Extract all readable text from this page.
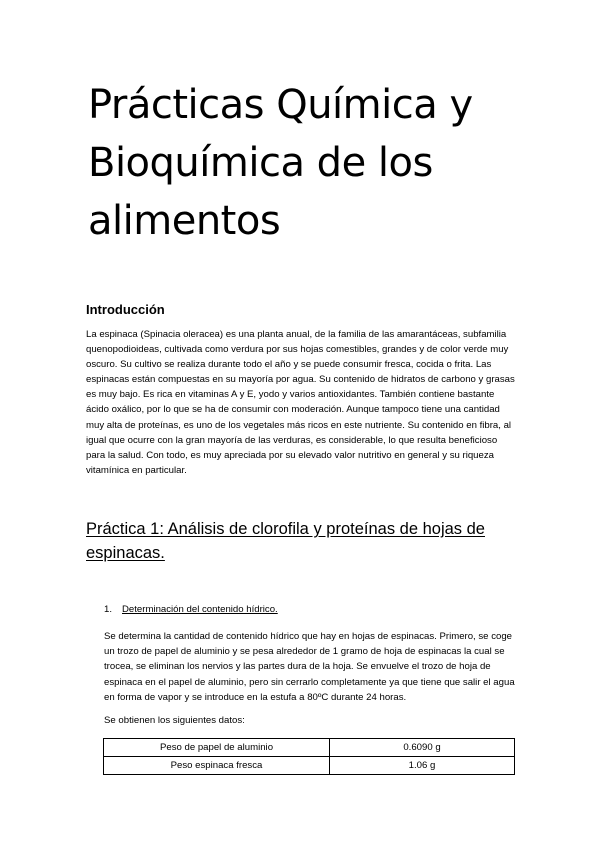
Prácticas Química y Bioquímica de los alimentos
Introducción

La espinaca (Spinacia oleracea) es una planta anual, de la familia de las amarantáceas, subfamilia quenopodioideas, cultivada como verdura por sus hojas comestibles, grandes y de color verde muy oscuro. Su cultivo se realiza durante todo el año y se puede consumir fresca, cocida o frita. Las espinacas están compuestas en su mayoría por agua. Su contenido de hidratos de carbono y grasas es muy bajo. Es rica en vitaminas A y E, yodo y varios antioxidantes. También contiene bastante ácido oxálico, por lo que se ha de consumir con moderación. Aunque tampoco tiene una cantidad muy alta de proteínas, es uno de los vegetales más ricos en este nutriente. Su contenido en fibra, al igual que ocurre con la gran mayoría de las verduras, es considerable, lo que resulta beneficioso para la salud. Con todo, es muy apreciada por su elevado valor nutritivo en general y su riqueza vitamínica en particular.

Práctica 1: Análisis de clorofila y proteínas de hojas de espinacas.
1. Determinación del contenido hídrico.

Se determina la cantidad de contenido hídrico que hay en hojas de espinacas. Primero, se coge un trozo de papel de aluminio y se pesa alrededor de 1 gramo de hoja de espinacas la cual se trocea, se eliminan los nervios y las partes dura de la hoja. Se envuelve el trozo de hoja de espinaca en el papel de aluminio, pero sin cerrarlo completamente ya que tiene que salir el agua en forma de vapor y se introduce en la estufa a 80ºC durante 24 horas.

Se obtienen los siguientes datos:

Peso de papel de aluminio	0.6090 g
Peso espinaca fresca	1.06 g
